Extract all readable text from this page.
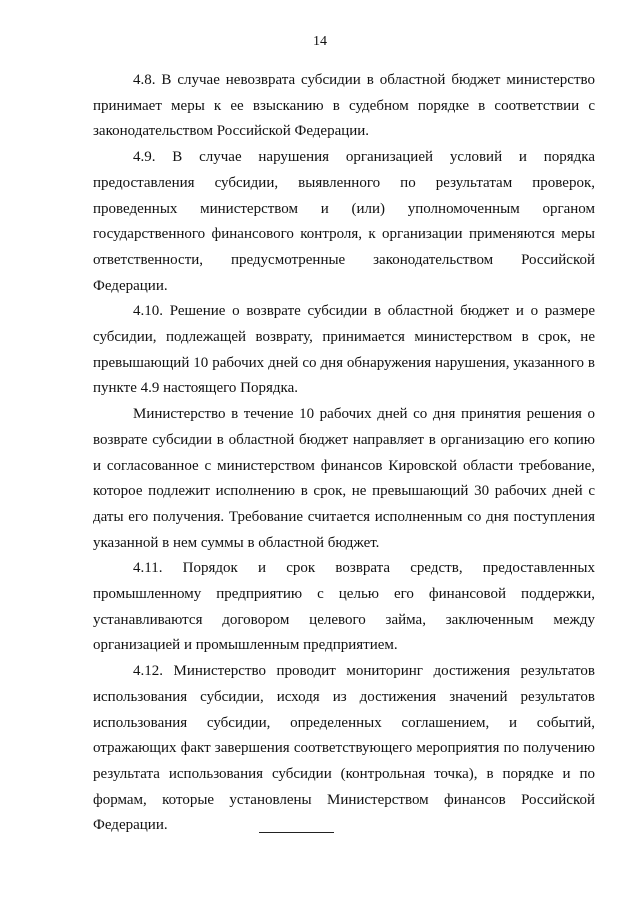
14

4.8. В случае невозврата субсидии в областной бюджет министерство принимает меры к ее взысканию в судебном порядке в соответствии с законодательством Российской Федерации.

4.9. В случае нарушения организацией условий и порядка предоставления субсидии, выявленного по результатам проверок, проведенных министерством и (или) уполномоченным органом государственного финансового контроля, к организации применяются меры ответственности, предусмотренные законодательством Российской Федерации.

4.10. Решение о возврате субсидии в областной бюджет и о размере субсидии, подлежащей возврату, принимается министерством в срок, не превышающий 10 рабочих дней со дня обнаружения нарушения, указанного в пункте 4.9 настоящего Порядка.

Министерство в течение 10 рабочих дней со дня принятия решения о возврате субсидии в областной бюджет направляет в организацию его копию и согласованное с министерством финансов Кировской области требование, которое подлежит исполнению в срок, не превышающий 30 рабочих дней с даты его получения. Требование считается исполненным со дня поступления указанной в нем суммы в областной бюджет.

4.11. Порядок и срок возврата средств, предоставленных промышленному предприятию с целью его финансовой поддержки, устанавливаются договором целевого займа, заключенным между организацией и промышленным предприятием.

4.12. Министерство проводит мониторинг достижения результатов использования субсидии, исходя из достижения значений результатов использования субсидии, определенных соглашением, и событий, отражающих факт завершения соответствующего мероприятия по получению результата использования субсидии (контрольная точка), в порядке и по формам, которые установлены Министерством финансов Российской Федерации.
